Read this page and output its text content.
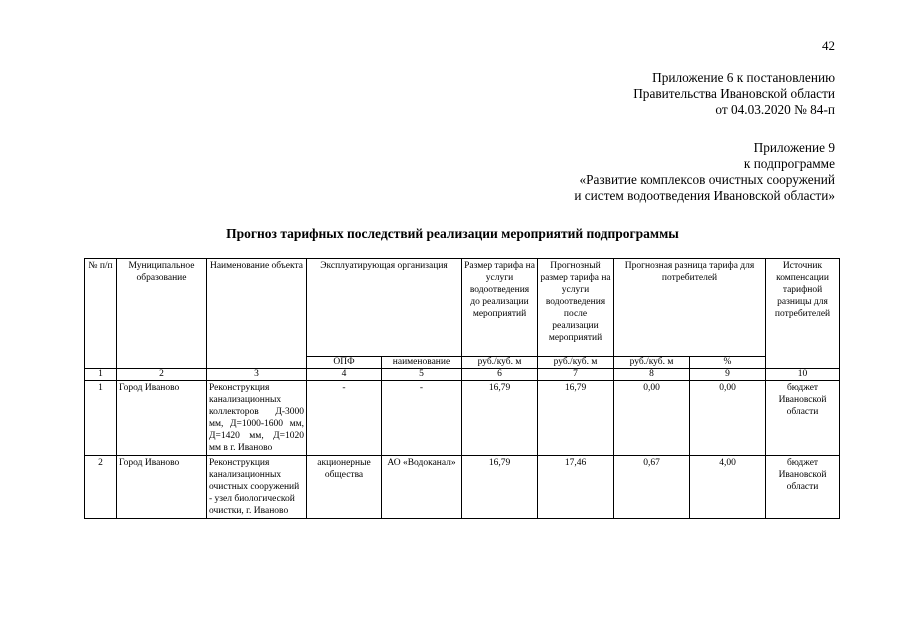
42
Приложение 6 к постановлению
Правительства Ивановской области
от 04.03.2020 № 84-п
Приложение 9
к подпрограмме
«Развитие комплексов очистных сооружений
и систем водоотведения Ивановской области»
Прогноз тарифных последствий реализации мероприятий подпрограммы
№ п/п	Муниципальное образование	Наименование объекта	Эксплуатирующая организация		Размер тарифа на услуги водоотведения до реализации мероприятий	Прогнозный размер тарифа на услуги водоотведения после реализации мероприятий	Прогнозная разница тарифа для потребителей		Источник компенсации тарифной разницы для потребителей
			ОПФ	наименование	руб./куб. м	руб./куб. м	руб./куб. м	%	
1	2	3	4	5	6	7	8	9	10
1	Город Иваново	Реконструкция канализационных коллекторов Д-3000 мм, Д=1000-1600 мм, Д=1420 мм, Д=1020 мм в г. Иваново	-	-	16,79	16,79	0,00	0,00	бюджет Ивановской области
2	Город Иваново	Реконструкция канализационных очистных сооружений - узел биологической очистки, г. Иваново	акционерные общества	АО «Водоканал»	16,79	17,46	0,67	4,00	бюджет Ивановской области
